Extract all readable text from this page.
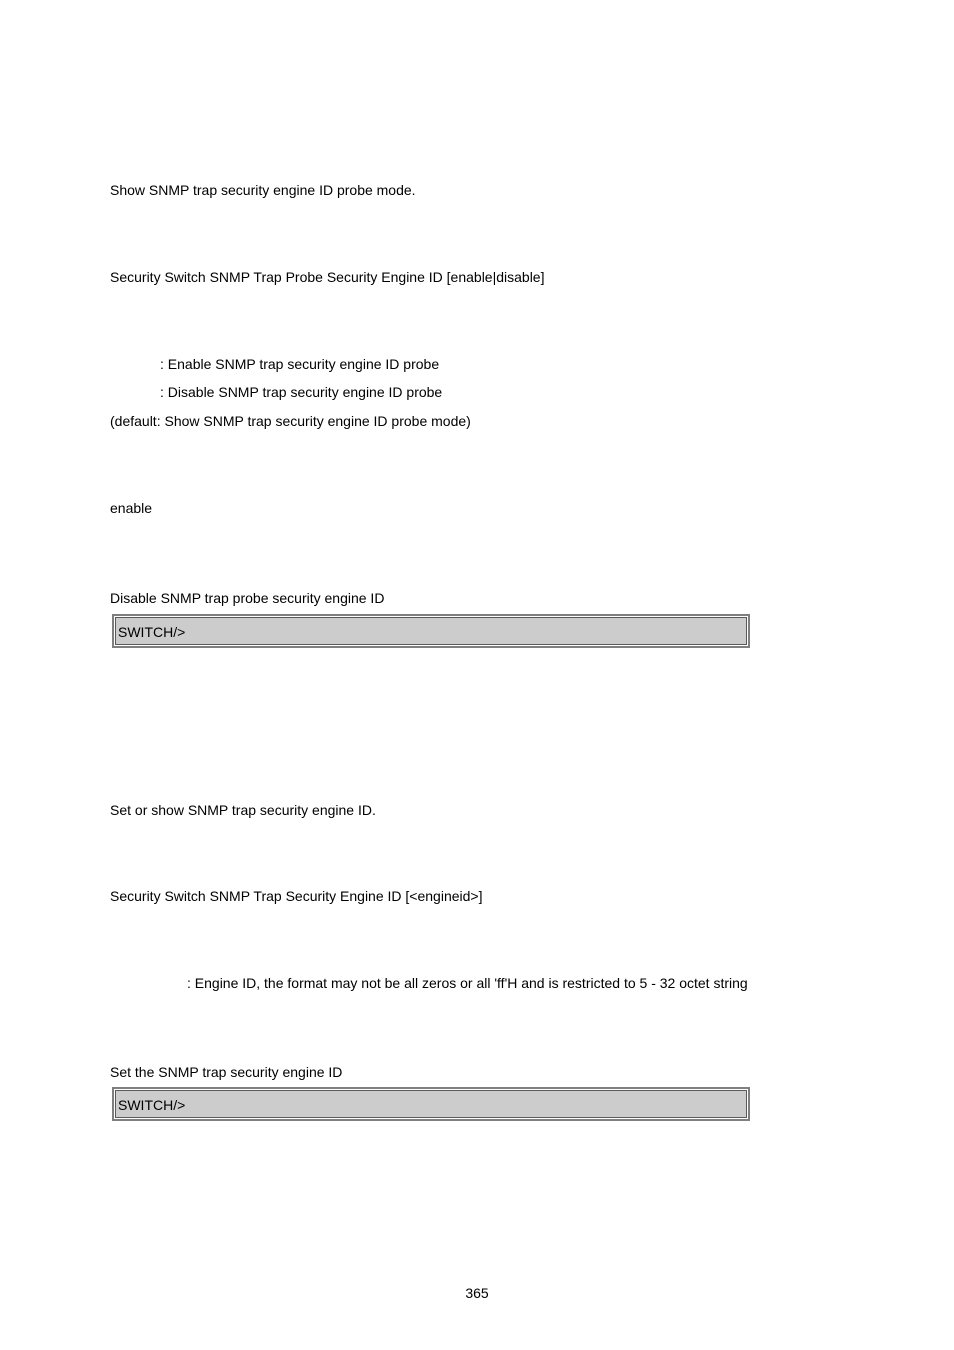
Show SNMP trap security engine ID probe mode.
Security Switch SNMP Trap Probe Security Engine ID [enable|disable]
: Enable SNMP trap security engine ID probe
: Disable SNMP trap security engine ID probe
(default: Show SNMP trap security engine ID probe mode)
enable
Disable SNMP trap probe security engine ID
SWITCH/>
Set or show SNMP trap security engine ID.
Security Switch SNMP Trap Security Engine ID [<engineid>]
: Engine ID, the format may not be all zeros or all 'ff'H and is restricted to 5 - 32 octet string
Set the SNMP trap security engine ID
SWITCH/>
365
